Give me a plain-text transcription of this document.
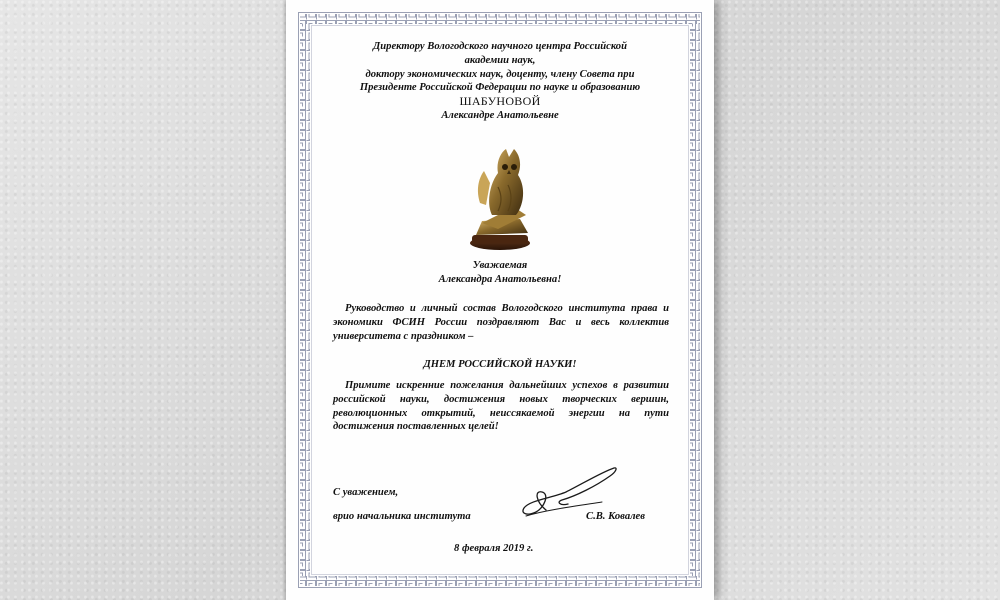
Директору Вологодского научного центра Российской
академии наук,
доктору экономических наук, доценту, члену Совета при
Президенте Российской Федерации по науке и образованию
ШАБУНОВОЙ
Александре Анатольевне
Уважаемая
Александра Анатольевна!
Руководство и личный состав Вологодского института права и экономики ФСИН России поздравляют Вас и весь коллектив университета с праздником –
ДНЕМ РОССИЙСКОЙ НАУКИ!
Примите искренние пожелания дальнейших успехов в развитии российской науки, достижения новых творческих вершин, революционных открытий, неиссякаемой энергии на пути достижения поставленных целей!
С уважением,
врио начальника института	С.В. Ковалев
8 февраля 2019 г.
